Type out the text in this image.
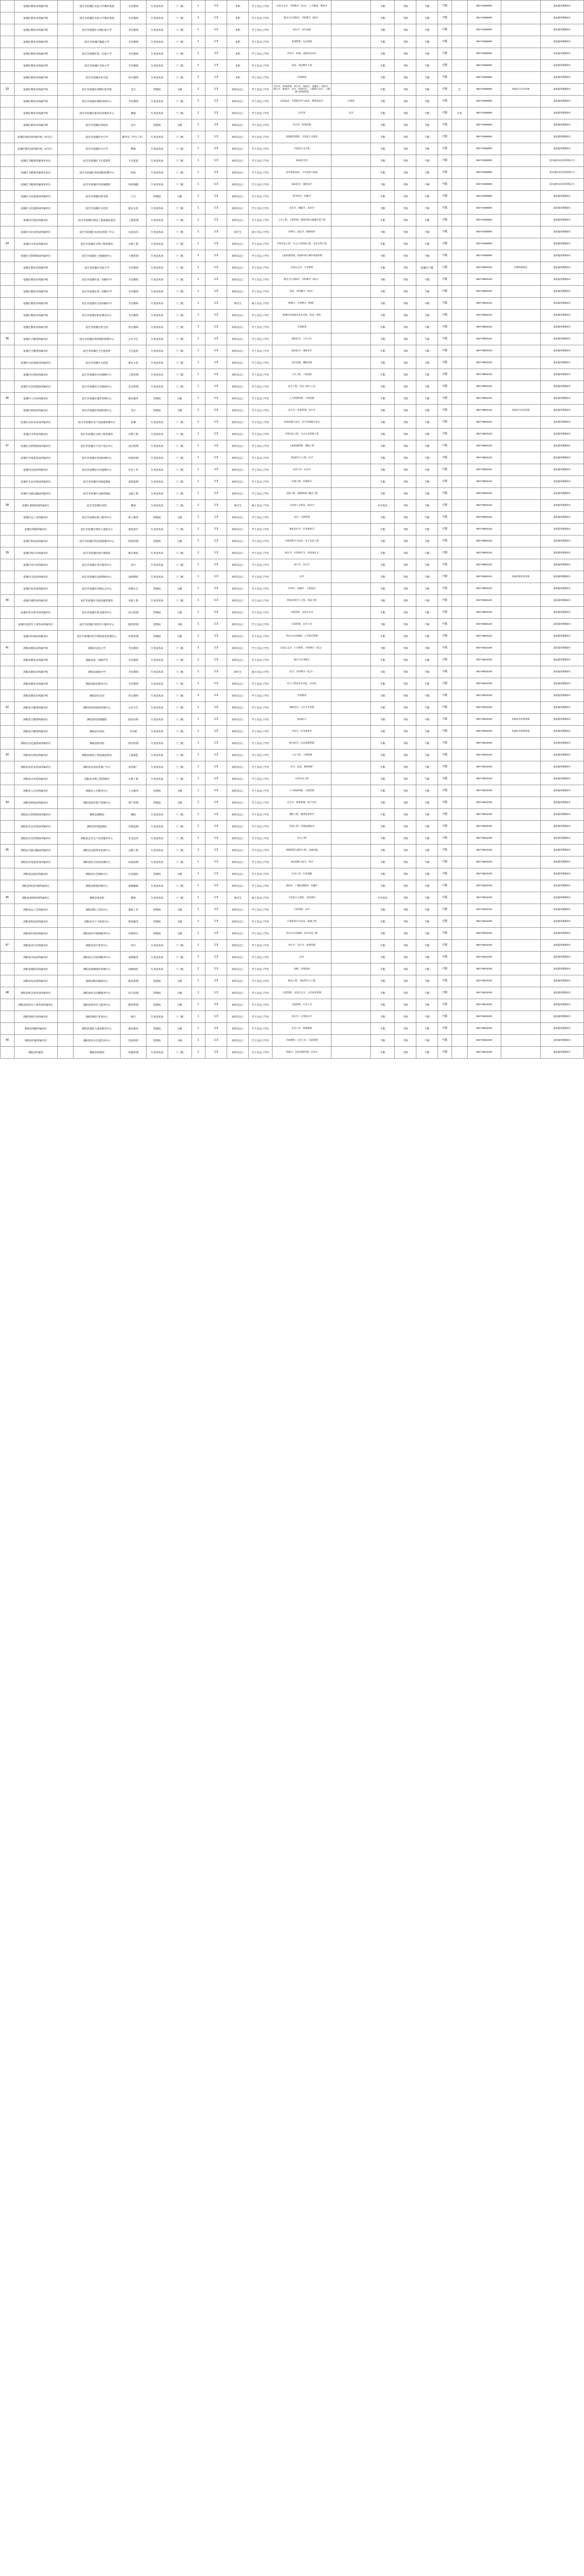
	宿城区教育局所属学校		宿迁市宿城区实验小学教育集团	专任教师	专业技术岗	十三级	1	1:3	本科	学士及以上学位	汉语言文学、学科教学（语文）、小学教育、教育学		不限	不限	不限	不限		0527-84355000		最低服务期限5年
	宿城区教育局所属学校		宿迁市宿城区实验小学教育集团	专任教师	专业技术岗	十三级	1	1:3	本科	学士及以上学位	数学与应用数学、学科教学（数学）		不限	不限	不限	不限		0527-84355000		最低服务期限5年
	宿城区教育局所属学校		宿迁市宿城区古城实验小学	专任教师	专业技术岗	十三级	1	1:3	本科	学士及以上学位	音乐学、音乐表演		不限	不限	不限	不限		0527-84355000		最低服务期限5年
	宿城区教育局所属学校		宿迁市宿城区激波小学	专任教师	专业技术岗	十三级	1	1:3	本科	学士及以上学位	体育教育、运动训练		不限	不限	不限	不限		0527-84355000		最低服务期限5年
	宿城区教育局所属学校		宿迁市宿城区第一实验小学	专任教师	专业技术岗	十三级	1	1:3	本科	学士及以上学位	美术学、绘画、视觉传达设计		不限	不限	不限	不限		0527-84355000		最低服务期限5年
	宿城区教育局所属学校		宿迁市宿城区实验小学	专任教师	专业技术岗	十三级	1	1:3	本科	学士及以上学位	英语、英语教学大类		不限	不限	不限	不限		0527-84355000		最低服务期限5年
	宿城区教育局所属学校		宿迁市宿城区幼儿园	幼儿教师	专业技术岗	十三级	2	1:3	本科	学士及以上学位	学前教育		不限	不限	不限	不限		0527-84355000		最低服务期限5年
33	宿城区教育局所属学校		宿迁市宿城区郑楼实验学校	会计	管理岗	九级	1	1:3	本科及以上	学士及以上学位	会计学、财务管理、审计学、财政学、金融学、经济学、统计学、税收学、会计、财务会计、大数据与会计、大数据与财务管理		不限	不限	不限	不限	否	0527-84355000	具备会计从业资格	最低服务期限5年
	宿城区教育局所属学校		宿迁市宿城区教师发展中心	专任教师	专业技术岗	十三级	1	1:3	本科及以上	学士及以上学位	信息技术、计算机科学与技术、教育技术学	计算机	不限	不限	不限	不限		0527-84355000		最低服务期限5年
	宿城区教育局所属学校		宿迁市宿城区职业技术教育中心	教师	专业技术岗	十三级	1	1:3	本科及以上	学士及以上学位	法学类	法学	不限	不限	不限	不限	专业	0527-84355000		最低服务期限5年
	宿城区教育局所属学校		宿迁市宿城区财政局	会计	管理岗	九级	1	1:3	本科及以上	学士及以上学位	会计学、财务管理		不限	不限	不限	不限		0527-84355000		最低服务期限5年
	宿城区教育局所属学校（9月区）		宿迁市宿城区中小学	辅导员（学生工作）	专业技术岗	十三级	1	1:3	本科及以上	学士及以上学位	思想政治教育、马克思主义理论		不限	不限	不限	不限		0527-84355000		最低服务期限5年
	宿城区教育局所属学校（9月区）		宿迁市宿城区中小学	教师	专业技术岗	十三级	1	1:3	本科及以上	学士及以上学位	中国语言文学类		不限	不限	不限	不限		0527-84355000		最低服务期限5年
	宿城区卫健委所属事业单位		宿迁市宿城区卫生监督所	卫生监督	专业技术岗	十三级	1	1:3	本科及以上	学士及以上学位	临床医学类		不限	不限	不限	不限		0527-84355000		需具备执业医师资格证书
	宿城区卫健委所属事业单位		宿迁市宿城区疾病预防控制中心	检验	专业技术岗	十三级	1	1:3	本科及以上	学士及以上学位	医学检验技术、卫生检验与检疫		不限	不限	不限	不限		0527-84355000		需具备执业医师资格证书
	宿城区卫健委所属事业单位		宿迁市宿城区妇幼保健所	妇幼保健	专业技术岗	十三级	1	1:3	本科及以上	学士及以上学位	临床医学、预防医学		不限	不限	不限	不限		0527-84355000		需具备执业医师资格证书
	宿城区文化旅游局所属单位		宿迁市宿城区图书馆	门卫	管理岗	九级	1	1:3	本科及以上	学士及以上学位	图书馆学、档案学		不限	不限	不限	不限		0527-84355000		最低服务期限5年
	宿城区文化旅游局所属单位		宿迁市宿城区文化馆	群众文化	专业技术岗	十三级	1	1:3	本科及以上	学士及以上学位	音乐学、舞蹈学、美术学		不限	不限	不限	不限		0527-84355000		最低服务期限5年
	宿城区住建局所属单位		宿迁市宿城区建设工程质量监督站	工程管理	专业技术岗	十三级	1	1:3	本科及以上	学士及以上学位	土木工程、工程管理、建筑环境与能源应用工程		不限	不限	不限	不限		0527-84355000		最低服务期限5年
	宿城区农业农村局所属单位		宿迁市宿城区农业技术推广中心	农业技术	专业技术岗	十三级	1	1:3	研究生	硕士及以上学位	作物学、园艺学、植物保护		不限	不限	不限	不限		0527-84355000		最低服务期限5年
34	宿城区水务局所属单位		宿迁市宿城区水利工程管理处	水利工程	专业技术岗	十三级	1	1:3	本科及以上	学士及以上学位	水利水电工程、水文与水资源工程、农业水利工程		不限	不限	不限	不限		0527-84355000		最低服务期限5年
	宿城区自然资源局所属单位		宿迁市宿城区土地储备中心	土地管理	专业技术岗	十三级	1	1:3	本科及以上	学士及以上学位	土地资源管理、资源环境与城乡规划管理		不限	不限	不限	不限		0527-84355000		最低服务期限5年
	宿豫区教育局所属学校		宿迁市宿豫区实验小学	专任教师	专业技术岗	十三级	1	1:3	本科及以上	学士及以上学位	汉语言文学、小学教育		不限	不限	宿豫区户籍	不限		0527-80831234	有教师资格证	最低服务期限5年
	宿豫区教育局所属学校		宿迁市宿豫区第一初级中学	专任教师	专业技术岗	十三级	1	1:3	本科及以上	学士及以上学位	数学与应用数学、学科教学（数学）		不限	不限	不限	不限		0527-80831234		最低服务期限5年
	宿豫区教育局所属学校		宿迁市宿豫区第二初级中学	专任教师	专业技术岗	十三级	1	1:3	本科及以上	学士及以上学位	英语、学科教学（英语）		不限	不限	不限	不限		0527-80831234		最低服务期限5年
	宿豫区教育局所属学校		宿迁市宿豫区实验初级中学	专任教师	专业技术岗	十三级	1	1:3	研究生	硕士及以上学位	物理学、学科教学（物理）		不限	不限	不限	不限		0527-80831234		最低服务期限5年
	宿豫区教育局所属学校		宿迁市宿豫区职业教育中心	专任教师	专业技术岗	十三级	1	1:3	本科及以上	学士及以上学位	机械设计制造及其自动化、机电一体化		不限	不限	不限	不限		0527-80831234		最低服务期限5年
	宿豫区教育局所属学校		宿迁市宿豫区幼儿园	幼儿教师	专业技术岗	十三级	2	1:3	本科及以上	学士及以上学位	学前教育		不限	不限	不限	不限		0527-80831234		最低服务期限5年
35	宿豫区卫健委所属单位		宿迁市宿豫区疾病预防控制中心	公共卫生	专业技术岗	十三级	1	1:3	本科及以上	学士及以上学位	预防医学、公共卫生		不限	不限	不限	不限		0527-80831234		最低服务期限5年
	宿豫区卫健委所属单位		宿迁市宿豫区卫生监督所	卫生监督	专业技术岗	十三级	1	1:3	本科及以上	学士及以上学位	临床医学、预防医学		不限	不限	不限	不限		0527-80831234		最低服务期限5年
	宿豫区文化旅游局所属单位		宿迁市宿豫区文化馆	群众文化	专业技术岗	十三级	1	1:3	本科及以上	学士及以上学位	音乐表演、舞蹈表演		不限	不限	不限	不限		0527-80831234		最低服务期限5年
	宿豫区住建局所属单位		宿迁市宿豫区住房保障中心	工程管理	专业技术岗	十三级	1	1:3	本科及以上	学士及以上学位	土木工程、工程造价		不限	不限	不限	不限		0527-80831234		最低服务期限5年
	宿豫区应急管理局所属单位		宿迁市宿豫区应急救援中心	安全管理	专业技术岗	十三级	1	1:3	本科及以上	学士及以上学位	安全工程、化学工程与工艺		不限	不限	不限	不限		0527-80831234		最低服务期限5年
36	宿豫区人社局所属单位		宿迁市宿豫区就业管理中心	就业服务	管理岗	九级	1	1:3	本科及以上	学士及以上学位	人力资源管理、行政管理		不限	不限	不限	不限		0527-80831234		最低服务期限5年
	宿豫区财政局所属单位		宿迁市宿豫区财政结算中心	会计	管理岗	九级	1	1:3	本科及以上	学士及以上学位	会计学、财务管理、审计学		不限	不限	不限	不限		0527-80831234	具备会计从业资格	最低服务期限5年
	宿豫区农业农村局所属单位		宿迁市宿豫区农产品质量检测中心	检测	专业技术岗	十三级	1	1:3	本科及以上	学士及以上学位	食品质量与安全、农产品质量与安全		不限	不限	不限	不限		0527-80831234		最低服务期限5年
	宿豫区水务局所属单位		宿迁市宿豫区水利工程管理所	水利工程	专业技术岗	十三级	1	1:3	本科及以上	学士及以上学位	水利水电工程、水文与水资源工程		不限	不限	不限	不限		0527-80831234		最低服务期限5年
37	宿豫区自然资源局所属单位		宿迁市宿豫区不动产登记中心	登记管理	专业技术岗	十三级	1	1:3	本科及以上	学士及以上学位	土地资源管理、测绘工程		不限	不限	不限	不限		0527-80831234		最低服务期限5年
	宿豫区市场监管局所属单位		宿迁市宿豫区检验检测中心	检验检测	专业技术岗	十三级	1	1:3	本科及以上	学士及以上学位	食品科学与工程、化学		不限	不限	不限	不限		0527-80831234		最低服务期限5年
	宿豫区民政局所属单位		宿迁市宿豫区社会福利中心	社会工作	专业技术岗	十三级	1	1:3	本科及以上	学士及以上学位	社会工作、社会学		不限	不限	不限	不限		0527-80831234		最低服务期限5年
	宿豫区生态环境局所属单位		宿迁市宿豫区环境监测站	环境监测	专业技术岗	十三级	1	1:3	本科及以上	学士及以上学位	环境工程、环境科学		不限	不限	不限	不限		0527-80831234		最低服务期限5年
	宿豫区交通运输局所属单位		宿迁市宿豫区公路管理站	公路工程	专业技术岗	十三级	1	1:3	本科及以上	学士及以上学位	交通工程、道路桥梁与渡河工程		不限	不限	不限	不限		0527-80831234		最低服务期限5年
38	宿豫区委组织部所属单位		宿迁市宿豫区党校	教师	专业技术岗	十三级	1	1:3	研究生	硕士及以上学位	马克思主义理论、政治学		中共党员	不限	不限	不限		0527-80831234		最低服务期限5年
	宿豫区总工会所属单位		宿迁市宿豫区职工服务中心	职工服务	管理岗	九级	1	1:3	本科及以上	学士及以上学位	法学、行政管理		不限	不限	不限	不限		0527-80831234		最低服务期限5年
	宿豫区残联所属单位		宿迁市宿豫区残疾人康复中心	康复治疗	专业技术岗	十三级	1	1:3	本科及以上	学士及以上学位	康复治疗学、针灸推拿学		不限	不限	不限	不限		0527-80831234		最低服务期限5年
	宿豫区科技局所属单位		宿迁市宿豫区科技创新服务中心	科技管理	管理岗	九级	1	1:3	本科及以上	学士及以上学位	计算机科学与技术、电子信息工程		不限	不限	不限	不限		0527-80831234		最低服务期限5年
39	宿豫区统计局所属单位		宿迁市宿豫区统计调查队	统计调查	专业技术岗	十三级	1	1:3	本科及以上	学士及以上学位	统计学、应用统计学、经济统计学		不限	不限	不限	不限		0527-80831234		最低服务期限5年
	宿豫区审计局所属单位		宿迁市宿豫区审计服务中心	审计	专业技术岗	十三级	1	1:3	本科及以上	学士及以上学位	审计学、会计学		不限	不限	不限	不限		0527-80831234		最低服务期限5年
	宿豫区司法局所属单位		宿迁市宿豫区法律援助中心	法律援助	专业技术岗	十三级	1	1:3	本科及以上	学士及以上学位	法学		不限	不限	不限	不限		0527-80831234	具备法律职业资格	最低服务期限5年
	宿豫区发改委所属单位		宿迁市宿豫区价格认定中心	价格认定	管理岗	九级	1	1:3	本科及以上	学士及以上学位	经济学、金融学、工程造价		不限	不限	不限	不限		0527-80831234		最低服务期限5年
40	宿豫区城管局所属单位		宿迁市宿豫区市政设施管理处	市政工程	专业技术岗	十三级	1	1:3	本科及以上	学士及以上学位	给排水科学与工程、市政工程		不限	不限	不限	不限		0527-80831234		最低服务期限5年
	宿豫区机关事务局所属单位		宿迁市宿豫区机关服务中心	综合管理	管理岗	九级	1	1:3	本科及以上	学士及以上学位	行政管理、汉语言文学		不限	不限	不限	不限		0527-80831234		最低服务期限5年
	宿豫区退役军人事务局所属单位		宿迁市宿豫区退役军人服务中心	服务管理	管理岗	九级	1	1:3	本科及以上	学士及以上学位	行政管理、社会工作		不限	不限	不限	不限		0527-80831234		最低服务期限5年
	宿豫区医保局所属单位		宿迁市宿豫区医疗保险基金管理中心	医保管理	管理岗	九级	1	1:3	本科及以上	学士及以上学位	劳动与社会保障、公共事业管理		不限	不限	不限	不限		0527-80831234		最低服务期限5年
41	泗阳县教育局所属学校		泗阳县实验小学	专任教师	专业技术岗	十三级	2	1:3	本科及以上	学士及以上学位	汉语言文学、小学教育、学科教学（语文）		不限	不限	不限	不限		0527-85222100		最低服务期限5年
	泗阳县教育局所属学校		泗阳县第一初级中学	专任教师	专业技术岗	十三级	1	1:3	本科及以上	学士及以上学位	数学与应用数学		不限	不限	不限	不限		0527-85222100		最低服务期限5年
	泗阳县教育局所属学校		泗阳县高级中学	专任教师	专业技术岗	十三级	1	1:3	研究生	硕士及以上学位	化学、学科教学（化学）		不限	不限	不限	不限		0527-85222100		最低服务期限5年
	泗阳县教育局所属学校		泗阳县职业教育中心	专任教师	专业技术岗	十三级	1	1:3	本科及以上	学士及以上学位	电气工程及其自动化、自动化		不限	不限	不限	不限		0527-85222100		最低服务期限5年
	泗阳县教育局所属学校		泗阳县幼儿园	幼儿教师	专业技术岗	十三级	2	1:3	本科及以上	学士及以上学位	学前教育		不限	不限	不限	不限		0527-85222100		最低服务期限5年
42	泗阳县卫健委所属单位		泗阳县疾病预防控制中心	公共卫生	专业技术岗	十三级	1	1:3	本科及以上	学士及以上学位	预防医学、公共卫生管理		不限	不限	不限	不限		0527-85222100		最低服务期限5年
	泗阳县卫健委所属单位		泗阳县妇幼保健院	临床医师	专业技术岗	十三级	1	1:3	本科及以上	学士及以上学位	临床医学		不限	不限	不限	不限		0527-85222100	具备执业医师资格	最低服务期限5年
	泗阳县卫健委所属单位		泗阳县中医院	中医师	专业技术岗	十三级	1	1:3	本科及以上	学士及以上学位	中医学、针灸推拿学		不限	不限	不限	不限		0527-85222100	具备执业医师资格	最低服务期限5年
	泗阳县文化旅游局所属单位		泗阳县图书馆	图书管理	专业技术岗	十三级	1	1:3	本科及以上	学士及以上学位	图书馆学、信息资源管理		不限	不限	不限	不限		0527-85222100		最低服务期限5年
43	泗阳县住建局所属单位		泗阳县建设工程质量监督站	工程质监	专业技术岗	十三级	1	1:3	本科及以上	学士及以上学位	土木工程、工程管理		不限	不限	不限	不限		0527-85222100		最低服务期限5年
	泗阳县农业农村局所属单位		泗阳县农业技术推广中心	农技推广	专业技术岗	十三级	1	1:3	本科及以上	学士及以上学位	农学、园艺、植物保护		不限	不限	不限	不限		0527-85222100		最低服务期限5年
	泗阳县水务局所属单位		泗阳县水利工程管理所	水利工程	专业技术岗	十三级	1	1:3	本科及以上	学士及以上学位	水利水电工程		不限	不限	不限	不限		0527-85222100		最低服务期限5年
	泗阳县人社局所属单位		泗阳县人才服务中心	人才服务	管理岗	九级	1	1:3	本科及以上	学士及以上学位	人力资源管理、行政管理		不限	不限	不限	不限		0527-85222100		最低服务期限5年
44	泗阳县财政局所属单位		泗阳县国有资产管理中心	资产管理	管理岗	九级	1	1:3	本科及以上	学士及以上学位	会计学、财务管理、资产评估		不限	不限	不限	不限		0527-85222100		最低服务期限5年
	泗阳县自然资源局所属单位		泗阳县测绘院	测绘	专业技术岗	十三级	1	1:3	本科及以上	学士及以上学位	测绘工程、地理信息科学		不限	不限	不限	不限		0527-85222100		最低服务期限5年
	泗阳县生态环境局所属单位		泗阳县环境监测站	环境监测	专业技术岗	十三级	1	1:3	本科及以上	学士及以上学位	环境工程、环境监测技术		不限	不限	不限	不限		0527-85222100		最低服务期限5年
	泗阳县应急管理局所属单位		泗阳县安全生产技术服务中心	安全技术	专业技术岗	十三级	1	1:3	本科及以上	学士及以上学位	安全工程		不限	不限	不限	不限		0527-85222100		最低服务期限5年
45	泗阳县交通运输局所属单位		泗阳县公路事业发展中心	公路工程	专业技术岗	十三级	1	1:3	本科及以上	学士及以上学位	道路桥梁与渡河工程、交通运输		不限	不限	不限	不限		0527-85222100		最低服务期限5年
	泗阳县市场监管局所属单位		泗阳县综合检验检测中心	检验检测	专业技术岗	十三级	1	1:3	本科及以上	学士及以上学位	食品质量与安全、药学		不限	不限	不限	不限		0527-85222100		最低服务期限5年
	泗阳县民政局所属单位		泗阳县社会救助中心	社会救助	管理岗	九级	1	1:3	本科及以上	学士及以上学位	社会工作、社会保障		不限	不限	不限	不限		0527-85222100		最低服务期限5年
	泗阳县委宣传部所属单位		泗阳县新闻传媒中心	新闻编辑	专业技术岗	十三级	1	1:3	本科及以上	学士及以上学位	新闻学、广播电视编导、传播学		不限	不限	不限	不限		0527-85222100		最低服务期限5年
46	泗阳县委组织部所属单位		泗阳县委党校	教师	专业技术岗	十三级	1	1:3	研究生	硕士及以上学位	马克思主义理论、党的建设		中共党员	不限	不限	不限		0527-85222100		最低服务期限5年
	泗阳县总工会所属单位		泗阳县职工活动中心	群团工作	管理岗	九级	1	1:3	本科及以上	学士及以上学位	行政管理、法学		不限	不限	不限	不限		0527-85222100		最低服务期限5年
	泗阳县科技局所属单位		泗阳县生产力促进中心	科技服务	管理岗	九级	1	1:3	本科及以上	学士及以上学位	计算机科学与技术、机械工程		不限	不限	不限	不限		0527-85222100		最低服务期限5年
	泗阳县医保局所属单位		泗阳县医疗保障服务中心	医保经办	管理岗	九级	1	1:3	本科及以上	学士及以上学位	劳动与社会保障、医学信息工程		不限	不限	不限	不限		0527-85222100		最低服务期限5年
47	泗阳县审计局所属单位		泗阳县审计事务中心	审计	专业技术岗	十三级	1	1:3	本科及以上	学士及以上学位	审计学、会计学、财务管理		不限	不限	不限	不限		0527-85222100		最低服务期限5年
	泗阳县司法局所属单位		泗阳县公共法律服务中心	法律服务	专业技术岗	十三级	1	1:3	本科及以上	学士及以上学位	法学		不限	不限	不限	不限		0527-85222100		最低服务期限5年
	泗阳县城管局所属单位		泗阳县园林绿化管理中心	园林绿化	专业技术岗	十三级	1	1:3	本科及以上	学士及以上学位	园林、风景园林		不限	不限	不限	不限		0527-85222100		最低服务期限5年
	泗阳县发改委所属单位		泗阳县粮食储备中心	粮食管理	管理岗	九级	1	1:3	本科及以上	学士及以上学位	粮食工程、食品科学与工程		不限	不限	不限	不限		0527-85222100		最低服务期限5年
48	泗阳县机关事务局所属单位		泗阳县机关后勤服务中心	综合管理	管理岗	九级	1	1:3	本科及以上	学士及以上学位	行政管理、汉语言文学、公共事业管理		不限	不限	不限	不限		0527-85222100		最低服务期限5年
	泗阳县退役军人事务局所属单位		泗阳县退役军人服务中心	服务管理	管理岗	九级	1	1:3	本科及以上	学士及以上学位	行政管理、社会工作		不限	不限	不限	不限		0527-85222100		最低服务期限5年
	泗阳县统计局所属单位		泗阳县统计普查中心	统计	专业技术岗	十三级	1	1:3	本科及以上	学士及以上学位	统计学、应用统计学		不限	不限	不限	不限		0527-85222100		最低服务期限5年
	泗阳县残联所属单位		泗阳县残疾人就业服务中心	就业服务	管理岗	九级	1	1:3	本科及以上	学士及以上学位	社会工作、特殊教育		不限	不限	不限	不限		0527-85222100		最低服务期限5年
49	泗阳县妇联所属单位		泗阳县妇女儿童活动中心	活动组织	管理岗	九级	1	1:3	本科及以上	学士及以上学位	学前教育、社会工作、行政管理		不限	不限	不限	不限		0527-85222100		最低服务期限5年
	泗阳县档案馆		泗阳县档案馆	档案管理	专业技术岗	十三级	1	1:3	本科及以上	学士及以上学位	档案学、信息资源管理、历史学		不限	不限	不限	不限		0527-85222100		最低服务期限5年
